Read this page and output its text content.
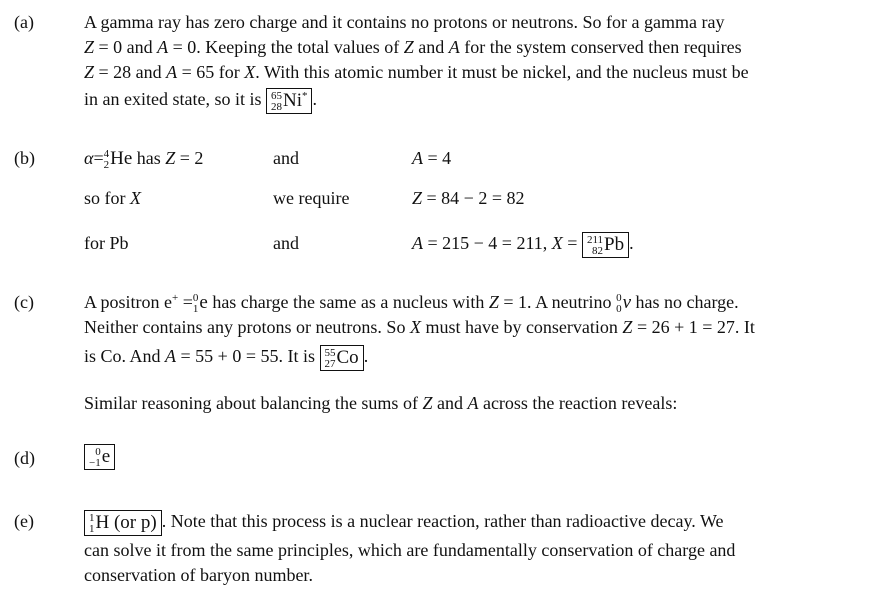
(a)	A gamma ray has zero charge and it contains no protons or neutrons. So for a gamma ray
Z = 0 and A = 0. Keeping the total values of Z and A for the system conserved then requires
Z = 28 and A = 65 for X. With this atomic number it must be nickel, and the nucleus must be
in an exited state, so it is 65
28 Ni* .
(b)	α= 4
2 He has Z = 2	and	A = 4
so for X	we require	Z = 84 − 2 = 82
for Pb	and	A = 215 − 4 = 211, X = 211
82 Pb .
(c)	A positron e+ = 0
1 e has charge the same as a nucleus with Z = 1. A neutrino 0
0 ν has no charge.
Neither contains any protons or neutrons. So X must have by conservation Z = 26 + 1 = 27. It
is Co. And A = 55 + 0 = 55. It is 55
27 Co .
Similar reasoning about balancing the sums of Z and A across the reaction reveals:
(d)	0
−1 e
(e)	1
1 H (or p) . Note that this process is a nuclear reaction, rather than radioactive decay. We
can solve it from the same principles, which are fundamentally conservation of charge and
conservation of baryon number.
